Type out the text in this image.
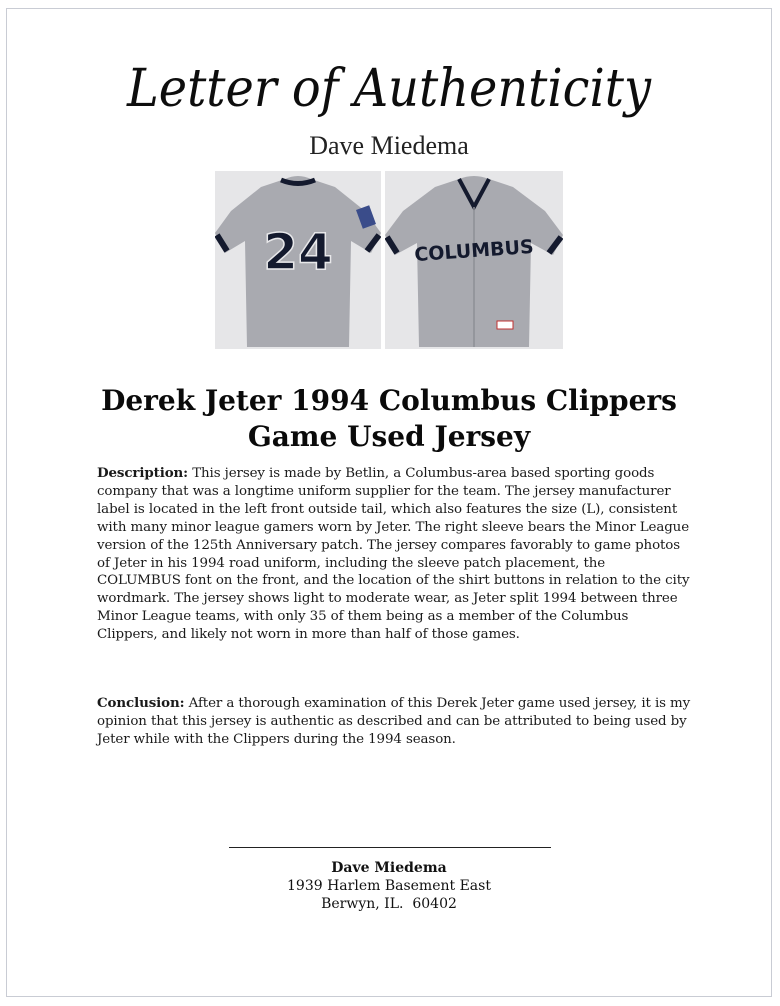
Letter of Authenticity
Dave Miedema
24	COLUMBUS
Derek Jeter 1994 Columbus Clippers
Game Used Jersey
Description: This jersey is made by Betlin, a Columbus-area based sporting goods company that was a longtime uniform supplier for the team. The jersey manufacturer label is located in the left front outside tail, which also features the size (L), consistent with many minor league gamers worn by Jeter. The right sleeve bears the Minor League version of the 125th Anniversary patch. The jersey compares favorably to game photos of Jeter in his 1994 road uniform, including the sleeve patch placement, the COLUMBUS font on the front, and the location of the shirt buttons in relation to the city wordmark. The jersey shows light to moderate wear, as Jeter split 1994 between three Minor League teams, with only 35 of them being as a member of the Columbus Clippers, and likely not worn in more than half of those games.
Conclusion: After a thorough examination of this Derek Jeter game used jersey, it is my opinion that this jersey is authentic as described and can be attributed to being used by Jeter while with the Clippers during the 1994 season.
Dave Miedema
1939 Harlem Basement East
Berwyn, IL.  60402
